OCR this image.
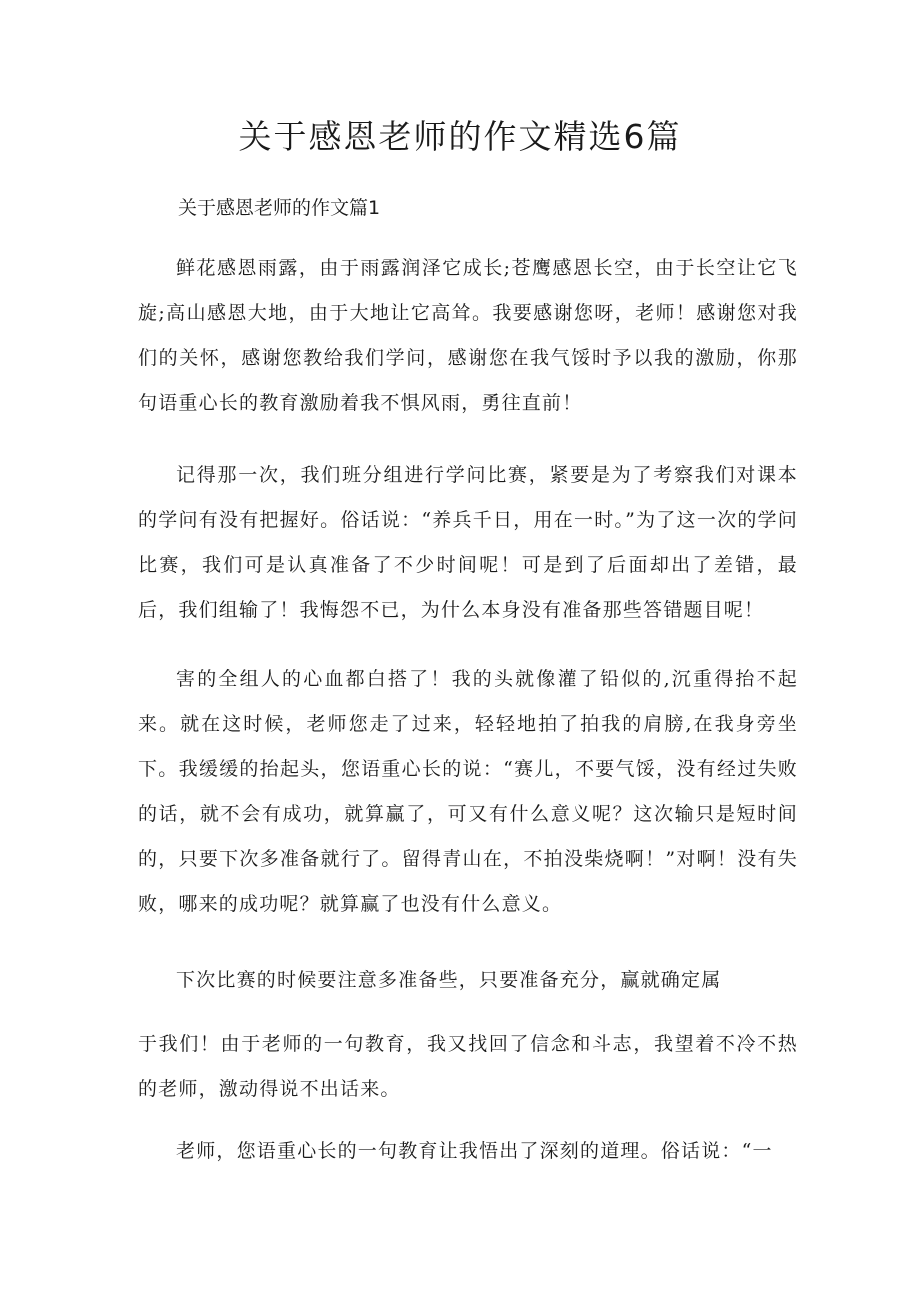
关于感恩老师的作文精选6篇

关于感恩老师的作文篇1

鲜花感恩雨露，由于雨露润泽它成长;苍鹰感恩长空，由于长空让它飞旋;高山感恩大地，由于大地让它高耸。我要感谢您呀，老师！感谢您对我们的关怀，感谢您教给我们学问，感谢您在我气馁时予以我的激励，你那句语重心长的教育激励着我不惧风雨，勇往直前！

记得那一次，我们班分组进行学问比赛，紧要是为了考察我们对课本的学问有没有把握好。俗话说：“养兵千日，用在一时。”为了这一次的学问比赛，我们可是认真准备了不少时间呢！可是到了后面却出了差错，最后，我们组输了！我悔怨不已，为什么本身没有准备那些答错题目呢！

害的全组人的心血都白搭了！我的头就像灌了铅似的,沉重得抬不起来。就在这时候，老师您走了过来，轻轻地拍了拍我的肩膀,在我身旁坐下。我缓缓的抬起头，您语重心长的说：“赛儿，不要气馁，没有经过失败的话，就不会有成功，就算赢了，可又有什么意义呢？这次输只是短时间的，只要下次多准备就行了。留得青山在，不拍没柴烧啊！”对啊！没有失败，哪来的成功呢？就算赢了也没有什么意义。

下次比赛的时候要注意多准备些，只要准备充分，赢就确定属

于我们！由于老师的一句教育，我又找回了信念和斗志，我望着不冷不热的老师，激动得说不出话来。

老师，您语重心长的一句教育让我悟出了深刻的道理。俗话说：“一
